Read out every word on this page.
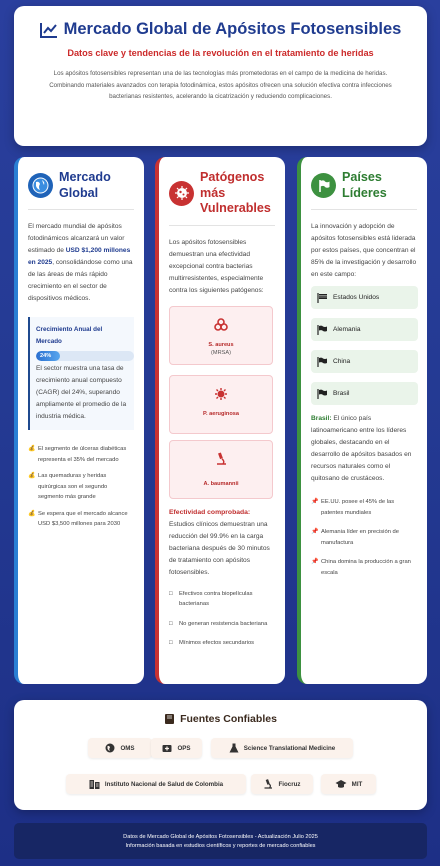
Mercado Global de Apósitos Fotosensibles
Datos clave y tendencias de la revolución en el tratamiento de heridas
Los apósitos fotosensibles representan una de las tecnologías más prometedoras en el campo de la medicina de heridas. Combinando materiales avanzados con terapia fotodinámica, estos apósitos ofrecen una solución efectiva contra infecciones bacterianas resistentes, acelerando la cicatrización y reduciendo complicaciones.
Mercado Global
El mercado mundial de apósitos fotodinámicos alcanzará un valor estimado de USD $1,200 millones en 2025, consolidándose como una de las áreas de más rápido crecimiento en el sector de dispositivos médicos.
Crecimiento Anual del Mercado
24%
El sector muestra una tasa de crecimiento anual compuesto (CAGR) del 24%, superando ampliamente el promedio de la industria médica.
💰 El segmento de úlceras diabéticas representa el 35% del mercado
💰 Las quemaduras y heridas quirúrgicas son el segundo segmento más grande
💰 Se espera que el mercado alcance USD $3,500 millones para 2030
Patógenos más Vulnerables
Los apósitos fotosensibles demuestran una efectividad excepcional contra bacterias multirresistentes, especialmente contra los siguientes patógenos:
S. aureus
(MRSA)
P. aeruginosa
A. baumannii
Efectividad comprobada:
Estudios clínicos demuestran una reducción del 99.9% en la carga bacteriana después de 30 minutos de tratamiento con apósitos fotosensibles.
□ Efectivos contra biopelículas bacterianas
□ No generan resistencia bacteriana
□ Mínimos efectos secundarios
Países Líderes
La innovación y adopción de apósitos fotosensibles está liderada por estos países, que concentran el 85% de la investigación y desarrollo en este campo:
Estados Unidos
Alemania
China
Brasil
Brasil: El único país latinoamericano entre los líderes globales, destacando en el desarrollo de apósitos basados en recursos naturales como el quitosano de crustáceos.
📌 EE.UU. posee el 45% de las patentes mundiales
📌 Alemania líder en precisión de manufactura
📌 China domina la producción a gran escala
Fuentes Confiables
OMS	OPS	Science Translational Medicine
Instituto Nacional de Salud de Colombia	Fiocruz	MIT
Datos de Mercado Global de Apósitos Fotosensibles - Actualización Julio 2025
Información basada en estudios científicos y reportes de mercado confiables
